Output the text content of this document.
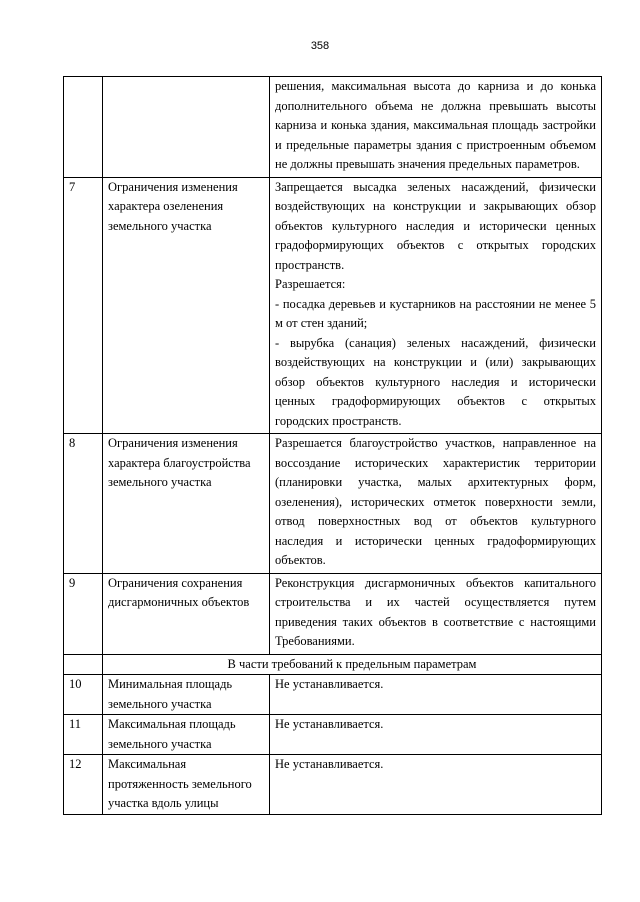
358

		решения, максимальная высота до карниза и до конька дополнительного объема не должна превышать высоты карниза и конька здания, максимальная площадь застройки и предельные параметры здания с пристроенным объемом не должны превышать значения предельных параметров.

7	Ограничения изменения характера озеленения земельного участка	Запрещается высадка зеленых насаждений, физически воздействующих на конструкции и закрывающих обзор объектов культурного наследия и исторически ценных градоформирующих объектов с открытых городских пространств.
Разрешается:
- посадка деревьев и кустарников на расстоянии не менее 5 м от стен зданий;
- вырубка (санация) зеленых насаждений, физически воздействующих на конструкции и (или) закрывающих обзор объектов культурного наследия и исторически ценных градоформирующих объектов с открытых городских пространств.

8	Ограничения изменения характера благоустройства земельного участка	Разрешается благоустройство участков, направленное на воссоздание исторических характеристик территории (планировки участка, малых архитектурных форм, озеленения), исторических отметок поверхности земли, отвод поверхностных вод от объектов культурного наследия и исторически ценных градоформирующих объектов.

9	Ограничения сохранения дисгармоничных объектов	Реконструкция дисгармоничных объектов капитального строительства и их частей осуществляется путем приведения таких объектов в соответствие с настоящими Требованиями.

	В части требований к предельным параметрам	
10	Минимальная площадь земельного участка	Не устанавливается.
11	Максимальная площадь земельного участка	Не устанавливается.
12	Максимальная протяженность земельного участка вдоль улицы	Не устанавливается.
